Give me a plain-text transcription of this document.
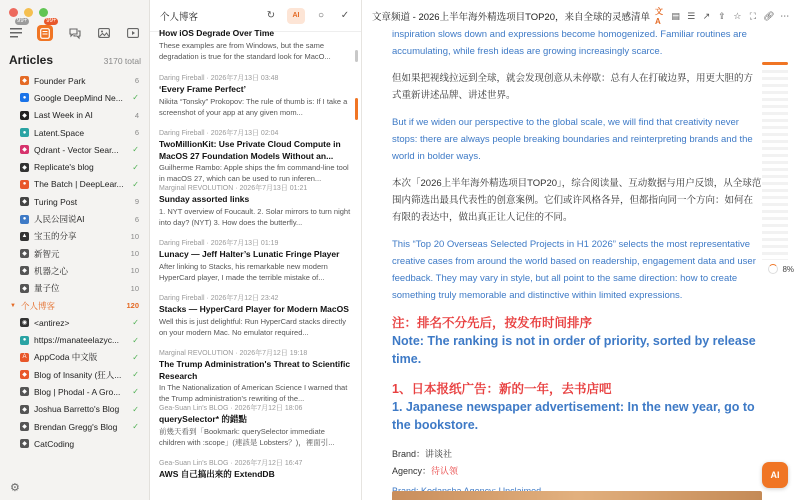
99+	99+
Articles	3170 total
◆ Founder Park	6
● Google DeepMind Ne...	✓
◆ Last Week in AI	4
● Latent.Space	6
◆ Qdrant - Vector Sear...	✓
◆ Replicate's blog	✓
● The Batch | DeepLear...	✓
◆ Turing Post	9
● 人民公园说AI	6
▲ 宝玉的分享	10
◆ 新智元	10
◆ 机器之心	10
◆ 量子位	10
▼ 个人博客	120
◉ <antirez>	✓
● https://manateelazyc...	✓
A AppCoda 中文版	✓
◆ Blog of Insanity (狂人...	✓
◆ Blog | Phodal - A Gro...	✓
◆ Joshua Barretto's Blog	✓
◆ Brendan Gregg's Blog	✓
◆ CatCoding
⚙
个人博客	↻	AI	○	✓
How iOS Degrade Over Time
These examples are from Windows, but the same degradation is true for the standard look for MacO...
Daring Fireball · 2026年7月13日 03:48
‘Every Frame Perfect’
Nikita “Tonsky” Prokopov: The rule of thumb is: If I take a screenshot of your app at any given mom...
Daring Fireball · 2026年7月13日 02:04
TwoMillionKit: Use Private Cloud Compute in MacOS 27 Foundation Models Without an...
Guilherme Rambo: Apple ships the fm command-line tool in macOS 27, which can be used to run inferen...
Marginal REVOLUTION · 2026年7月13日 01:21
Sunday assorted links
1. NYT overview of Foucault. 2. Solar mirrors to turn night into day? (NYT) 3. How does the butterfly...
Daring Fireball · 2026年7月13日 01:19
Lunacy — Jeff Halter’s Lunatic Fringe Player
After linking to Stacks, his remarkable new modern HyperCard player, I made the terrible mistake of...
Daring Fireball · 2026年7月12日 23:42
Stacks — HyperCard Player for Modern MacOS
Well this is just delightful: Run HyperCard stacks directly on your modern Mac. No emulator required...
Marginal REVOLUTION · 2026年7月12日 19:18
The Trump Administration's Threat to Scientific Research
In The Nationalization of American Science I warned that the Trump administration's rewriting of the...
Gea-Suan Lin's BLOG · 2026年7月12日 18:06
querySelector* 的錯點
前幾天看到「Bookmark: querySelector immediate children with :scope」(連該是 Lobsters？)，裡面引...
Gea-Suan Lin's BLOG · 2026年7月12日 16:47
AWS 自己搞出來的 ExtendDB
文章频道 - 2026上半年海外精选项目TOP20，来自全球的灵感清单
文A
▤ ☰ ↗ ⇪ ☆ ⛶ 🔗︎ ⋯
inspiration slows down and expressions become homogenized. Familiar routines are accumulating, while fresh ideas are growing increasingly scarce.
但如果把视线拉远到全球，就会发现创意从未停歇：总有人在打破边界，用更大胆的方式重新讲述品牌、讲述世界。
But if we widen our perspective to the global scale, we will find that creativity never stops: there are always people breaking boundaries and reinterpreting brands and the world in bolder ways.
本次「2026上半年海外精选项目TOP20」，综合阅读量、互动数据与用户反馈，从全球范围内筛选出最具代表性的创意案例。它们或许风格各异，但都指向同一个方向：如何在有限的表达中，做出真正让人记住的不同。
This “Top 20 Overseas Selected Projects in H1 2026” selects the most representative creative cases from around the world based on readership, engagement data and user feedback. They may vary in style, but all point to the same direction: how to create something truly memorable and distinctive within limited expressions.
注：排名不分先后，按发布时间排序
Note: The ranking is not in order of priority, sorted by release time.
1、日本报纸广告：新的一年，去书店吧
1. Japanese newspaper advertisement: In the new year, go to the bookstore.
Brand：讲谈社
Agency：待认领
8%
AI
